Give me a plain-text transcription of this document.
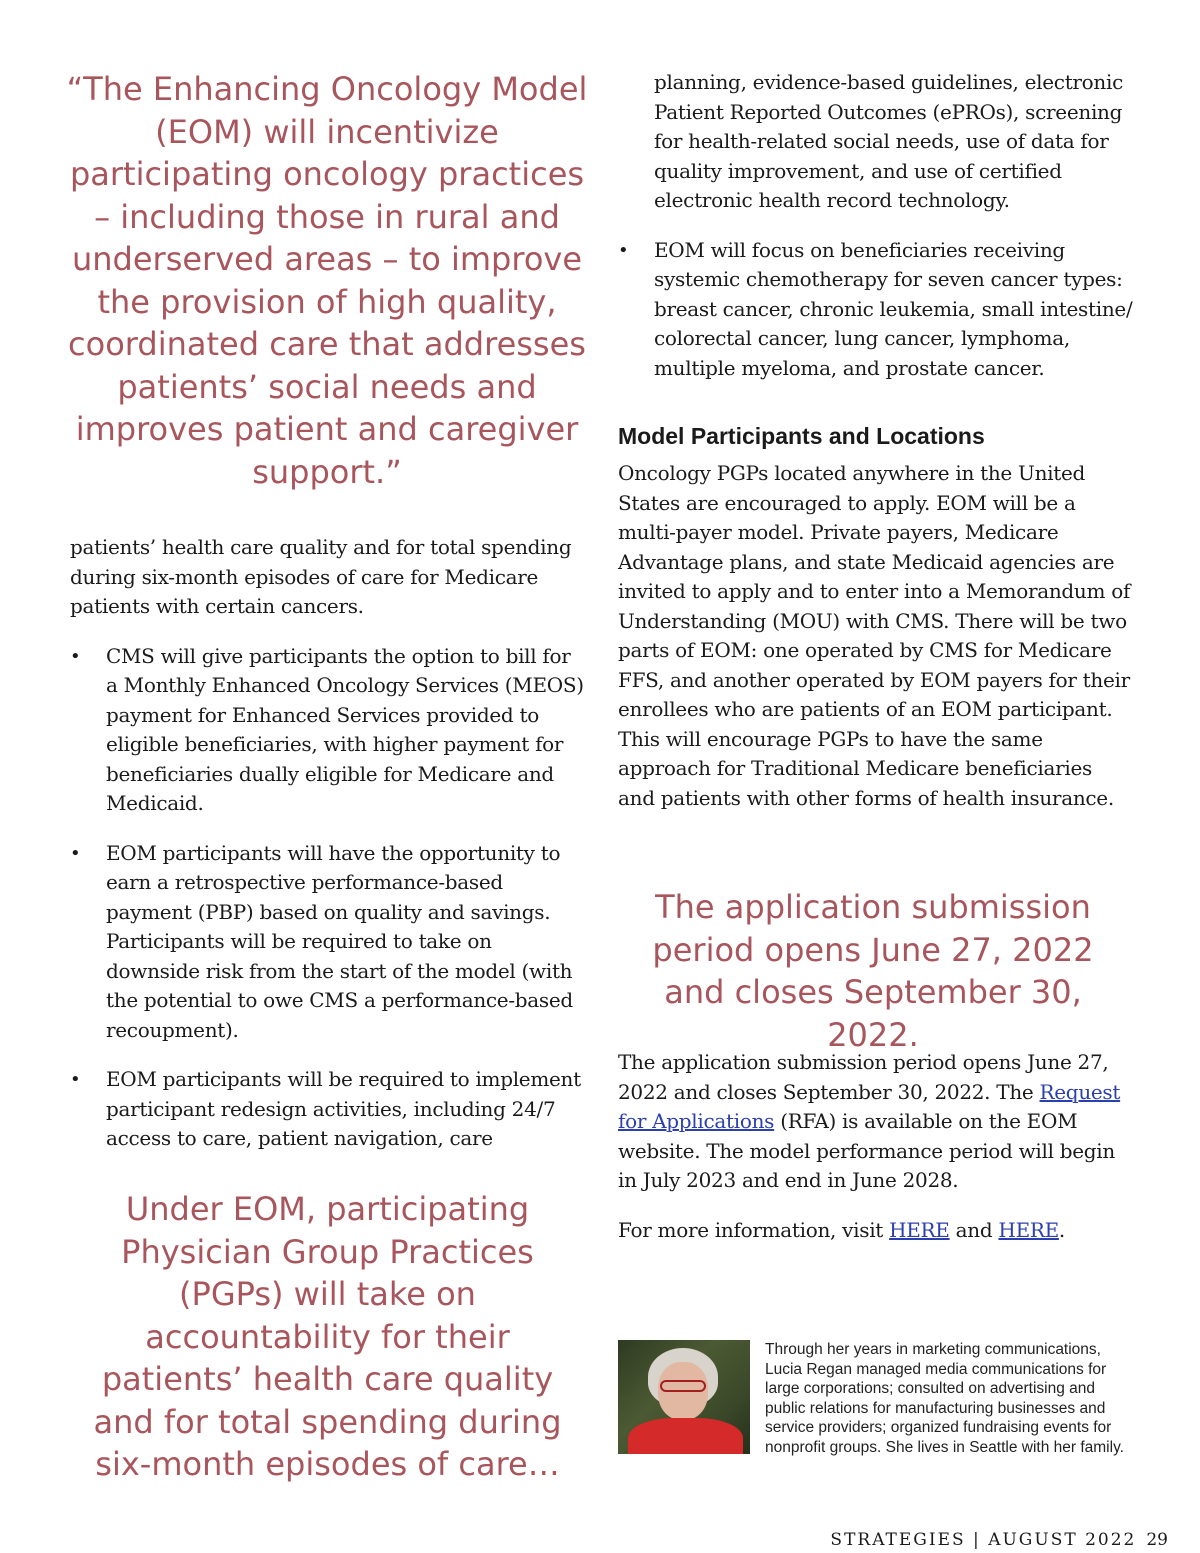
“The Enhancing Oncology Model (EOM) will incentivize participating oncology practices – including those in rural and underserved areas – to improve the provision of high quality, coordinated care that addresses patients’ social needs and improves patient and caregiver support.”

patients’ health care quality and for total spending during six-month episodes of care for Medicare patients with certain cancers.

• CMS will give participants the option to bill for a Monthly Enhanced Oncology Services (MEOS) payment for Enhanced Services provided to eligible beneficiaries, with higher payment for beneficiaries dually eligible for Medicare and Medicaid.
• EOM participants will have the opportunity to earn a retrospective performance-based payment (PBP) based on quality and savings. Participants will be required to take on downside risk from the start of the model (with the potential to owe CMS a performance-based recoupment).
• EOM participants will be required to implement participant redesign activities, including 24/7 access to care, patient navigation, care

Under EOM, participating Physician Group Practices (PGPs) will take on accountability for their patients’ health care quality and for total spending during six-month episodes of care…

planning, evidence-based guidelines, electronic Patient Reported Outcomes (ePROs), screening for health-related social needs, use of data for quality improvement, and use of certified electronic health record technology.
• EOM will focus on beneficiaries receiving systemic chemotherapy for seven cancer types: breast cancer, chronic leukemia, small intestine/ colorectal cancer, lung cancer, lymphoma, multiple myeloma, and prostate cancer.
Model Participants and Locations

Oncology PGPs located anywhere in the United States are encouraged to apply. EOM will be a multi-payer model. Private payers, Medicare Advantage plans, and state Medicaid agencies are invited to apply and to enter into a Memorandum of Understanding (MOU) with CMS. There will be two parts of EOM: one operated by CMS for Medicare FFS, and another operated by EOM payers for their enrollees who are patients of an EOM participant. This will encourage PGPs to have the same approach for Traditional Medicare beneficiaries and patients with other forms of health insurance.

The application submission period opens June 27, 2022 and closes September 30, 2022.

The application submission period opens June 27, 2022 and closes September 30, 2022. The Request for Applications (RFA) is available on the EOM website. The model performance period will begin in July 2023 and end in June 2028.

For more information, visit HERE and HERE.

Through her years in marketing communications, Lucia Regan managed media communications for large corporations; consulted on advertising and public relations for manufacturing businesses and service providers; organized fundraising events for nonprofit groups. She lives in Seattle with her family.

STRATEGIES | AUGUST 2022 29
